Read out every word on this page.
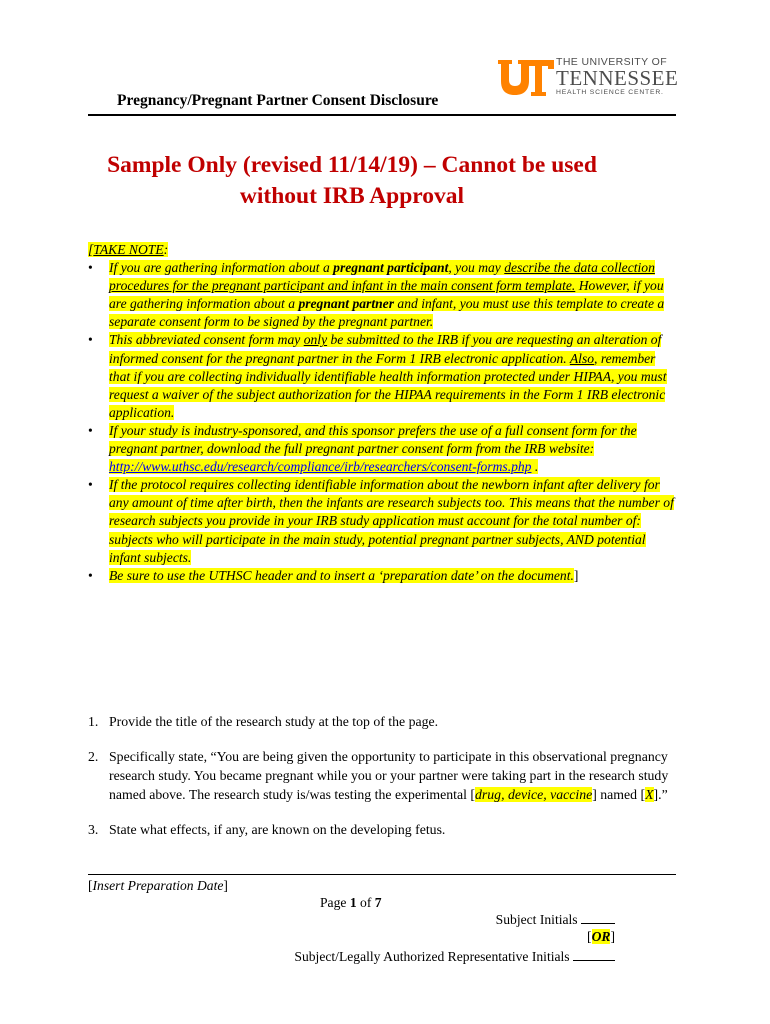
THE UNIVERSITY OF
TENNESSEE
HEALTH SCIENCE CENTER.
Pregnancy/Pregnant Partner Consent Disclosure
Sample Only (revised 11/14/19) – Cannot be used
without IRB Approval
[TAKE NOTE:
• If you are gathering information about a pregnant participant, you may describe the data collection procedures for the pregnant participant and infant in the main consent form template. However, if you are gathering information about a pregnant partner and infant, you must use this template to create a separate consent form to be signed by the pregnant partner.
• This abbreviated consent form may only be submitted to the IRB if you are requesting an alteration of informed consent for the pregnant partner in the Form 1 IRB electronic application. Also, remember that if you are collecting individually identifiable health information protected under HIPAA, you must request a waiver of the subject authorization for the HIPAA requirements in the Form 1 IRB electronic application.
• If your study is industry-sponsored, and this sponsor prefers the use of a full consent form for the pregnant partner, download the full pregnant partner consent form from the IRB website: http://www.uthsc.edu/research/compliance/irb/researchers/consent-forms.php .
• If the protocol requires collecting identifiable information about the newborn infant after delivery for any amount of time after birth, then the infants are research subjects too. This means that the number of research subjects you provide in your IRB study application must account for the total number of: subjects who will participate in the main study, potential pregnant partner subjects, AND potential infant subjects.
• Be sure to use the UTHSC header and to insert a ‘preparation date’ on the document.]
1. Provide the title of the research study at the top of the page.
2. Specifically state, “You are being given the opportunity to participate in this observational pregnancy research study. You became pregnant while you or your partner were taking part in the research study named above. The research study is/was testing the experimental [drug, device, vaccine] named [X].”
3. State what effects, if any, are known on the developing fetus.
[Insert Preparation Date]
Page 1 of 7
Subject Initials
[OR]
Subject/Legally Authorized Representative Initials
